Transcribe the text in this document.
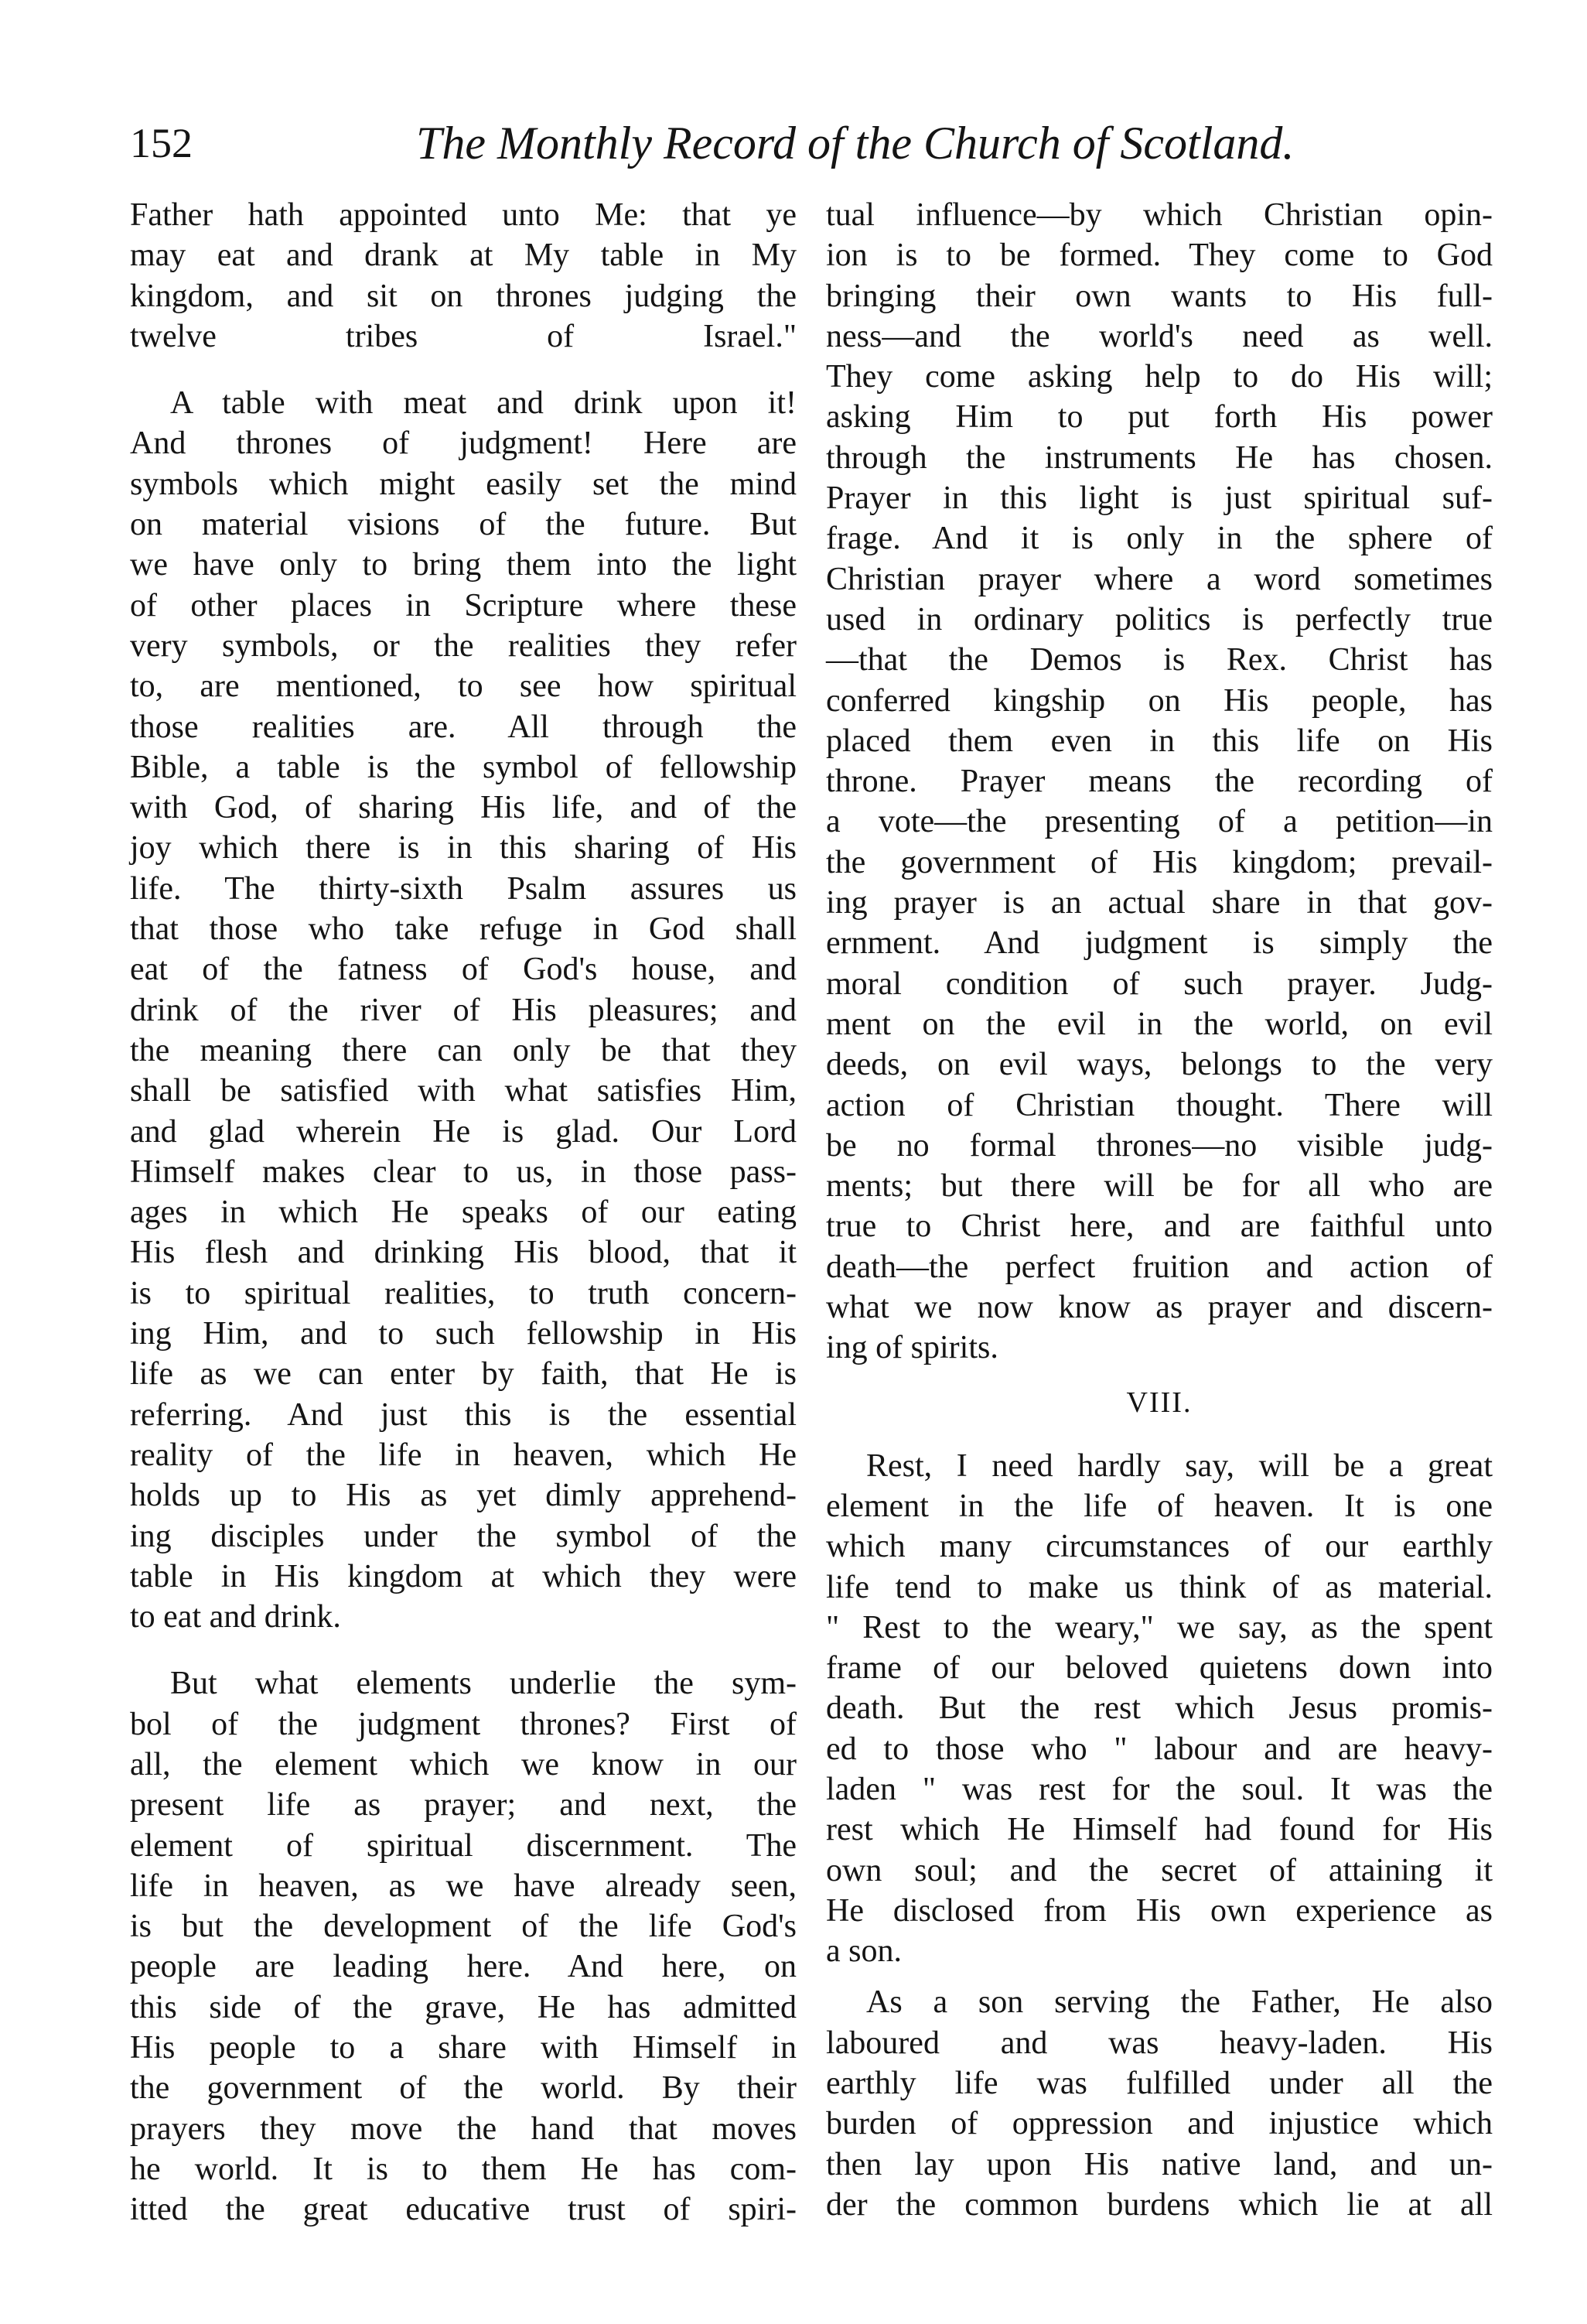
152	The Monthly Record of the Church of Scotland.
Father hath appointed unto Me: that ye
may eat and drank at My table in My
kingdom, and sit on thrones judging the
twelve tribes of Israel."
A table with meat and drink upon it!
And thrones of judgment! Here are
symbols which might easily set the mind
on material visions of the future. But
we have only to bring them into the light
of other places in Scripture where these
very symbols, or the realities they refer
to, are mentioned, to see how spiritual
those realities are. All through the
Bible, a table is the symbol of fellowship
with God, of sharing His life, and of the
joy which there is in this sharing of His
life. The thirty-sixth Psalm assures us
that those who take refuge in God shall
eat of the fatness of God's house, and
drink of the river of His pleasures; and
the meaning there can only be that they
shall be satisfied with what satisfies Him,
and glad wherein He is glad. Our Lord
Himself makes clear to us, in those pass-
ages in which He speaks of our eating
His flesh and drinking His blood, that it
is to spiritual realities, to truth concern-
ing Him, and to such fellowship in His
life as we can enter by faith, that He is
referring. And just this is the essential
reality of the life in heaven, which He
holds up to His as yet dimly apprehend-
ing disciples under the symbol of the
table in His kingdom at which they were
to eat and drink.
But what elements underlie the sym-
bol of the judgment thrones? First of
all, the element which we know in our
present life as prayer; and next, the
element of spiritual discernment. The
life in heaven, as we have already seen,
is but the development of the life God's
people are leading here. And here, on
this side of the grave, He has admitted
His people to a share with Himself in
the government of the world. By their
prayers they move the hand that moves
he world. It is to them He has com-
itted the great educative trust of spiri-
tual influence—by which Christian opin-
ion is to be formed. They come to God
bringing their own wants to His full-
ness—and the world's need as well.
They come asking help to do His will;
asking Him to put forth His power
through the instruments He has chosen.
Prayer in this light is just spiritual suf-
frage. And it is only in the sphere of
Christian prayer where a word sometimes
used in ordinary politics is perfectly true
—that the Demos is Rex. Christ has
conferred kingship on His people, has
placed them even in this life on His
throne. Prayer means the recording of
a vote—the presenting of a petition—in
the government of His kingdom; prevail-
ing prayer is an actual share in that gov-
ernment. And judgment is simply the
moral condition of such prayer. Judg-
ment on the evil in the world, on evil
deeds, on evil ways, belongs to the very
action of Christian thought. There will
be no formal thrones—no visible judg-
ments; but there will be for all who are
true to Christ here, and are faithful unto
death—the perfect fruition and action of
what we now know as prayer and discern-
ing of spirits.
VIII.
Rest, I need hardly say, will be a great
element in the life of heaven. It is one
which many circumstances of our earthly
life tend to make us think of as material.
" Rest to the weary," we say, as the spent
frame of our beloved quietens down into
death. But the rest which Jesus promis-
ed to those who " labour and are heavy-
laden " was rest for the soul. It was the
rest which He Himself had found for His
own soul; and the secret of attaining it
He disclosed from His own experience as
a son.
As a son serving the Father, He also
laboured and was heavy-laden. His
earthly life was fulfilled under all the
burden of oppression and injustice which
then lay upon His native land, and un-
der the common burdens which lie at all
